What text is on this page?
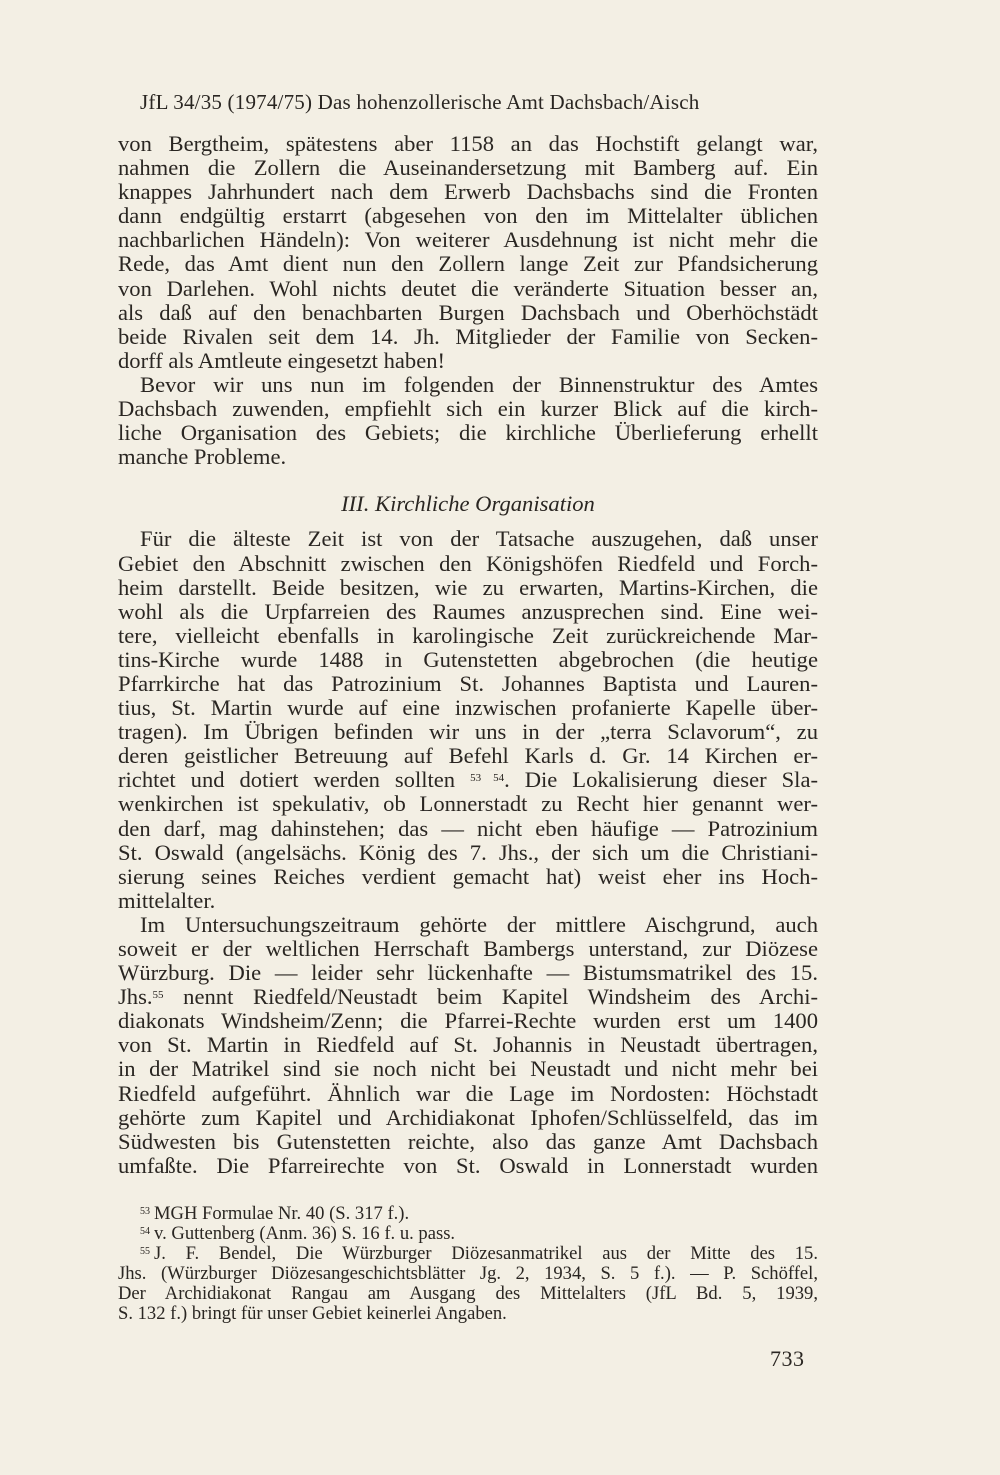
JfL 34/35 (1974/75) Das hohenzollerische Amt Dachsbach/Aisch
von Bergtheim, spätestens aber 1158 an das Hochstift gelangt war,
nahmen die Zollern die Auseinandersetzung mit Bamberg auf. Ein
knappes Jahrhundert nach dem Erwerb Dachsbachs sind die Fronten
dann endgültig erstarrt (abgesehen von den im Mittelalter üblichen
nachbarlichen Händeln): Von weiterer Ausdehnung ist nicht mehr die
Rede, das Amt dient nun den Zollern lange Zeit zur Pfandsicherung
von Darlehen. Wohl nichts deutet die veränderte Situation besser an,
als daß auf den benachbarten Burgen Dachsbach und Oberhöchstädt
beide Rivalen seit dem 14. Jh. Mitglieder der Familie von Secken-
dorff als Amtleute eingesetzt haben!
Bevor wir uns nun im folgenden der Binnenstruktur des Amtes
Dachsbach zuwenden, empfiehlt sich ein kurzer Blick auf die kirch-
liche Organisation des Gebiets; die kirchliche Überlieferung erhellt
manche Probleme.
III. Kirchliche Organisation
Für die älteste Zeit ist von der Tatsache auszugehen, daß unser
Gebiet den Abschnitt zwischen den Königshöfen Riedfeld und Forch-
heim darstellt. Beide besitzen, wie zu erwarten, Martins-Kirchen, die
wohl als die Urpfarreien des Raumes anzusprechen sind. Eine wei-
tere, vielleicht ebenfalls in karolingische Zeit zurückreichende Mar-
tins-Kirche wurde 1488 in Gutenstetten abgebrochen (die heutige
Pfarrkirche hat das Patrozinium St. Johannes Baptista und Lauren-
tius, St. Martin wurde auf eine inzwischen profanierte Kapelle über-
tragen). Im Übrigen befinden wir uns in der „terra Sclavorum“, zu
deren geistlicher Betreuung auf Befehl Karls d. Gr. 14 Kirchen er-
richtet und dotiert werden sollten $^{53 54}$. Die Lokalisierung dieser Sla-
wenkirchen ist spekulativ, ob Lonnerstadt zu Recht hier genannt wer-
den darf, mag dahinstehen; das — nicht eben häufige — Patrozinium
St. Oswald (angelsächs. König des 7. Jhs., der sich um die Christiani-
sierung seines Reiches verdient gemacht hat) weist eher ins Hoch-
mittelalter.
Im Untersuchungszeitraum gehörte der mittlere Aischgrund, auch
soweit er der weltlichen Herrschaft Bambergs unterstand, zur Diözese
Würzburg. Die — leider sehr lückenhafte — Bistumsmatrikel des 15.
Jhs.$^{55}$ nennt Riedfeld/Neustadt beim Kapitel Windsheim des Archi-
diakonats Windsheim/Zenn; die Pfarrei-Rechte wurden erst um 1400
von St. Martin in Riedfeld auf St. Johannis in Neustadt übertragen,
in der Matrikel sind sie noch nicht bei Neustadt und nicht mehr bei
Riedfeld aufgeführt. Ähnlich war die Lage im Nordosten: Höchstadt
gehörte zum Kapitel und Archidiakonat Iphofen/Schlüsselfeld, das im
Südwesten bis Gutenstetten reichte, also das ganze Amt Dachsbach
umfaßte. Die Pfarreirechte von St. Oswald in Lonnerstadt wurden
$^{53}$ MGH Formulae Nr. 40 (S. 317 f.).
$^{54}$ v. Guttenberg (Anm. 36) S. 16 f. u. pass.
$^{55}$ J. F. Bendel, Die Würzburger Diözesanmatrikel aus der Mitte des 15.
Jhs. (Würzburger Diözesangeschichtsblätter Jg. 2, 1934, S. 5 f.). — P. Schöffel,
Der Archidiakonat Rangau am Ausgang des Mittelalters (JfL Bd. 5, 1939,
S. 132 f.) bringt für unser Gebiet keinerlei Angaben.
733
